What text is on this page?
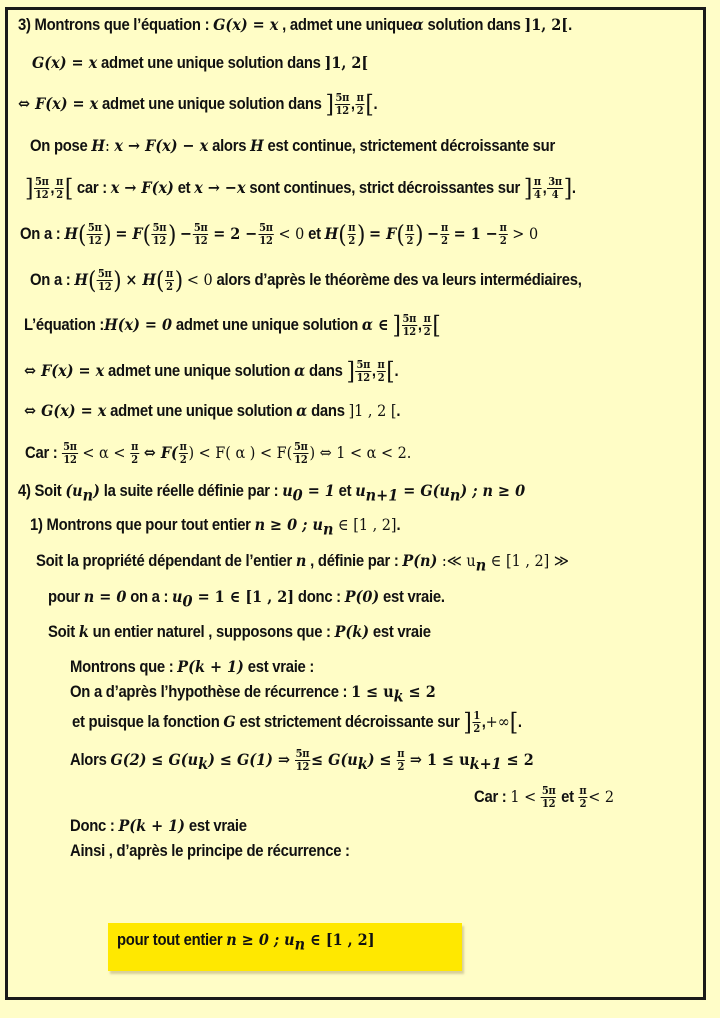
3) Montrons que l’équation : G(x) = x , admet une uniqueα solution dans ]1, 2[.
G(x) = x admet une unique solution dans ]1, 2[
⇔ F(x) = x admet une unique solution dans ] $\frac{5\pi}{12}$ , $\frac{\pi}{2}$ [.
On pose H: x → F(x) − x alors H est continue, strictement décroissante sur
] $\frac{5\pi}{12}$ , $\frac{\pi}{2}$ [ car : x → F(x) et x → −x sont continues, strict décroissantes sur ] $\frac{\pi}{4}$ , $\frac{3\pi}{4}$ ].
On a : $H( \frac{5\pi}{12}$ ) = $F( \frac{5\pi}{12}$ ) − $\frac{5\pi}{12} = 2 - \frac{5\pi}{12} < 0$ et $H( \frac{\pi}{2}$ ) = $F( \frac{\pi}{2}$ ) − $\frac{\pi}{2} = 1 - \frac{\pi}{2} > 0$
On a : $H( \frac{5\pi}{12}$ ) × $H( \frac{\pi}{2}$ ) < 0 alors d’après le théorème des va leurs intermédiaires,
L’équation :H(x) = 0 admet une unique solution α ∈ ] $\frac{5\pi}{12}$ , $\frac{\pi}{2}$ [
⇔ F(x) = x admet une unique solution α dans ] $\frac{5\pi}{12}$ , $\frac{\pi}{2}$ [.
⇔ G(x) = x admet une unique solution α dans ]1 , 2 [.
Car : $\frac{5\pi}{12} < \alpha < \frac{\pi}{2}$ ⇔ $F( \frac{\pi}{2}$ ) < F( α ) < $F( \frac{5\pi}{12}$ ) ⇔ 1 < α < 2.
4) Soit $(u_n)$ la suite réelle définie par : $u_0 = 1$ et $u_{n+1} = G(u_n)$ ; n ≥ 0
1) Montrons que pour tout entier n ≥ 0 ; $u_n$ ∈ [1 , 2].
Soit la propriété dépendant de l’entier n , définie par : P(n) :≪ $u_n$ ∈ [1 , 2] ≫
pour n = 0 on a : $u_0 = 1$ ∈ [1 , 2] donc : P(0) est vraie.
Soit k un entier naturel , supposons que : P(k) est vraie
Montrons que : P(k + 1) est vraie :
On a d’après l’hypothèse de récurrence : $1 \le u_k \le 2$
et puisque la fonction G est strictement décroissante sur ] $\frac{1}{2}$ ,+∞[.
Alors $G(2) \le G(u_k) \le G(1)$ ⇒ $\frac{5\pi}{12} \le G(u_k) \le \frac{\pi}{2}$ ⇒ $1 \le u_{k+1} \le 2$
Car : $1 < \frac{5\pi}{12}$ et $\frac{\pi}{2} < 2$
Donc : P(k + 1) est vraie
Ainsi , d’après le principe de récurrence :
pour tout entier n ≥ 0 ; $u_n$ ∈ [1 , 2]
